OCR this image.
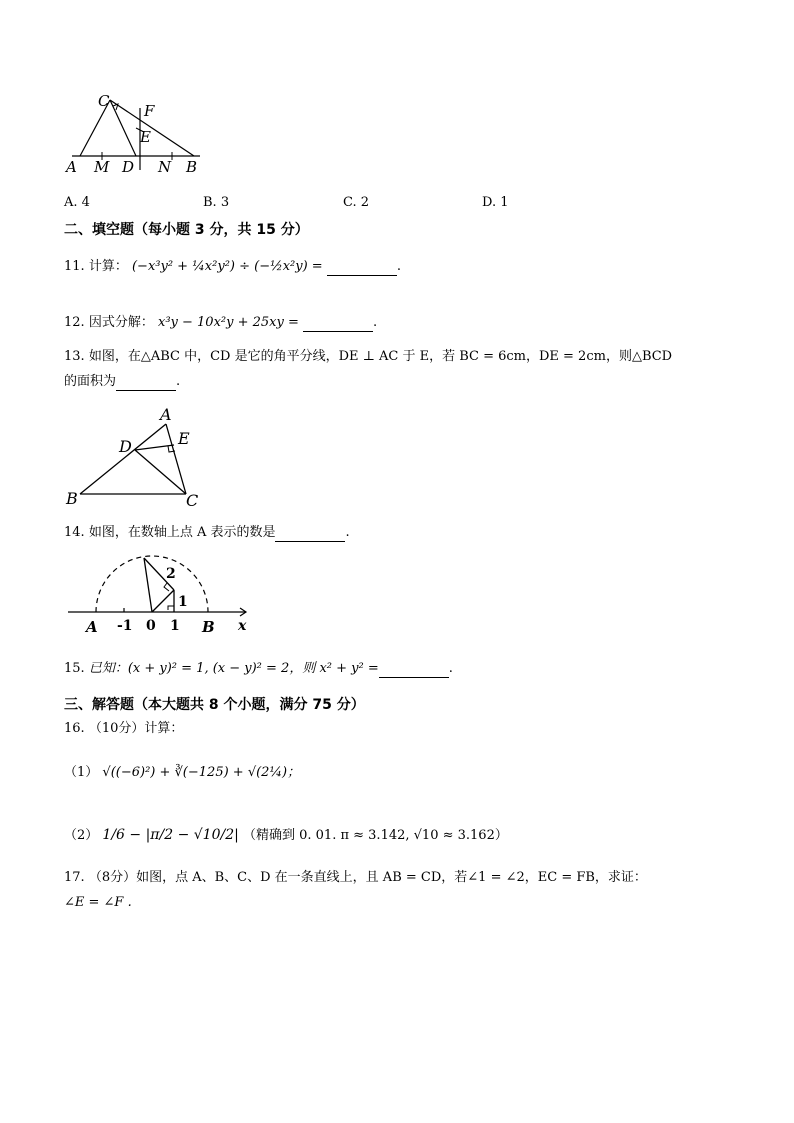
C
F
E
A M D N B
A. 4	B. 3	C. 2	D. 1
二、填空题（每小题 3 分，共 15 分）
11. 计算： (−x³y² + ¼x²y²) ÷ (−½x²y) =	.
12. 因式分解： x³y − 10x²y + 25xy =	.
13. 如图，在△ABC 中，CD 是它的角平分线，DE ⊥ AC 于 E，若 BC = 6cm，DE = 2cm，则△BCD
的面积为	.
A
D	E
B	C
14. 如图，在数轴上点 A 表示的数是	.
A -1 0 1 B x
2
1
15. 已知：(x + y)² = 1, (x − y)² = 2，则 x² + y² =	.
三、解答题（本大题共 8 个小题，满分 75 分）
16. （10分）计算：
（1） √((−6)²) + ∛(−125) + √(2¼)；
（2） 1/6 − |π/2 − √10/2| （精确到 0. 01. π ≈ 3.142, √10 ≈ 3.162）
17. （8分）如图，点 A、B、C、D 在一条直线上，且 AB = CD，若∠1 = ∠2，EC = FB，求证：
∠E = ∠F .
